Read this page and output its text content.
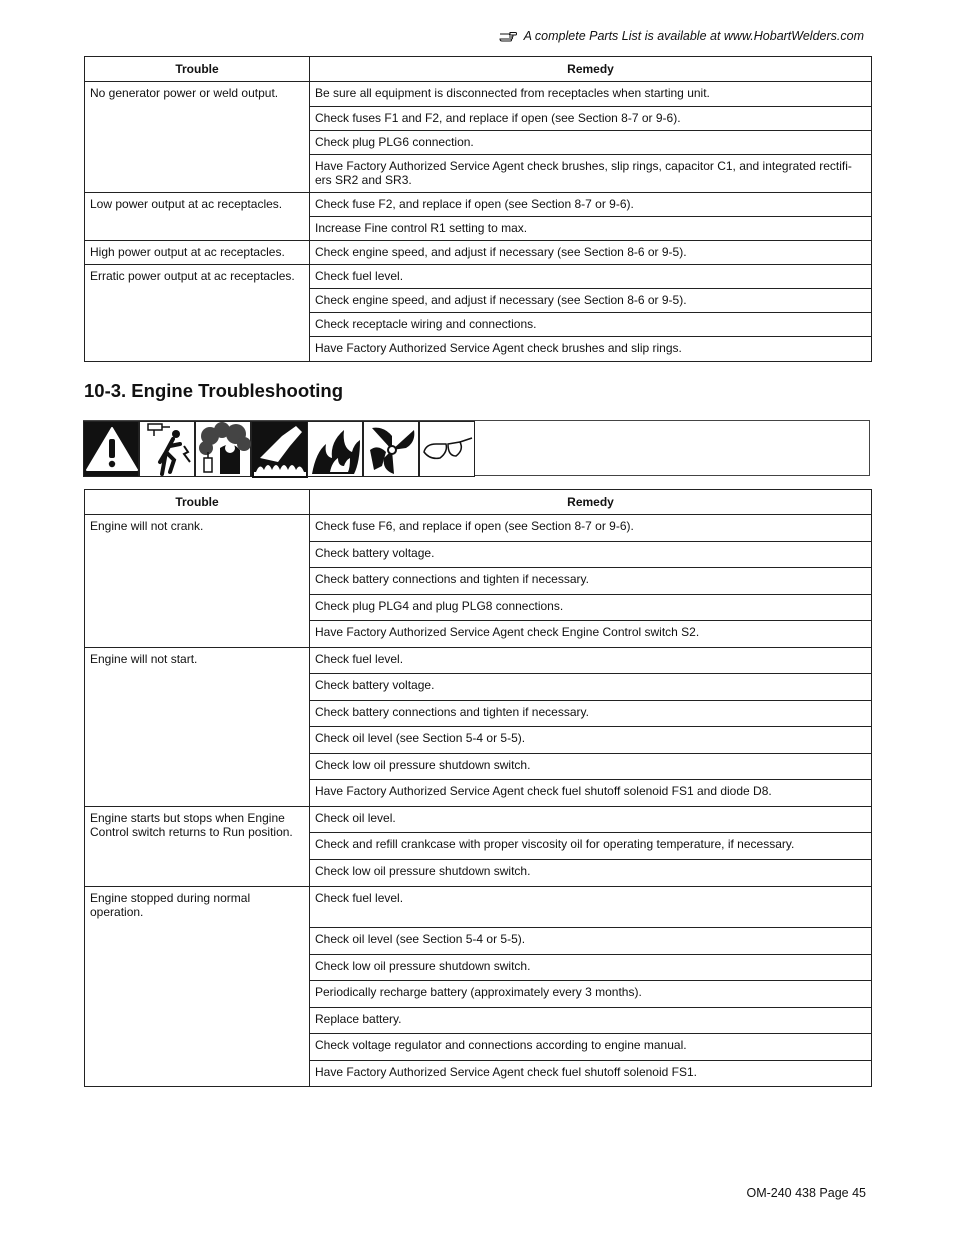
A complete Parts List is available at www.HobartWelders.com
Trouble	Remedy
No generator power or weld output.	Be sure all equipment is disconnected from receptacles when starting unit.
	Check fuses F1 and F2, and replace if open (see Section 8-7 or 9-6).
	Check plug PLG6 connection.
	Have Factory Authorized Service Agent check brushes, slip rings, capacitor C1, and integrated rectifi- ers SR2 and SR3.
Low power output at ac receptacles.	Check fuse F2, and replace if open (see Section 8-7 or 9-6).
	Increase Fine control R1 setting to max.
High power output at ac receptacles.	Check engine speed, and adjust if necessary (see Section 8-6 or 9-5).
Erratic power output at ac receptacles.	Check fuel level.
	Check engine speed, and adjust if necessary (see Section 8-6 or 9-5).
	Check receptacle wiring and connections.
	Have Factory Authorized Service Agent check brushes and slip rings.
10-3. Engine Troubleshooting
Trouble	Remedy
Engine will not crank.	Check fuse F6, and replace if open (see Section 8-7 or 9-6).
	Check battery voltage.
	Check battery connections and tighten if necessary.
	Check plug PLG4 and plug PLG8 connections.
	Have Factory Authorized Service Agent check Engine Control switch S2.
Engine will not start.	Check fuel level.
	Check battery voltage.
	Check battery connections and tighten if necessary.
	Check oil level (see Section 5-4 or 5-5).
	Check low oil pressure shutdown switch.
	Have Factory Authorized Service Agent check fuel shutoff solenoid FS1 and diode D8.
Engine starts but stops when Engine Control switch returns to Run position.	Check oil level.
	Check and refill crankcase with proper viscosity oil for operating temperature, if necessary.
	Check low oil pressure shutdown switch.
Engine stopped during normal operation.	Check fuel level.
	Check oil level (see Section 5-4 or 5-5).
	Check low oil pressure shutdown switch.
	Periodically recharge battery (approximately every 3 months).
	Replace battery.
	Check voltage regulator and connections according to engine manual.
	Have Factory Authorized Service Agent check fuel shutoff solenoid FS1.
OM-240 438 Page 45
